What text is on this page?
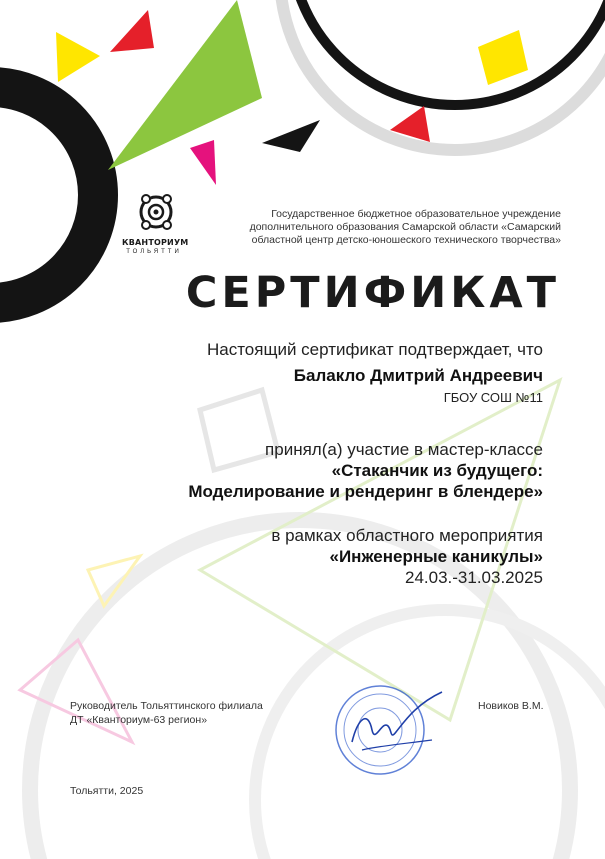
КВАНТОРИУМ
ТОЛЬЯТТИ
Государственное бюджетное образовательное учреждение
дополнительного образования Самарской области «Самарский
областной центр детско-юношеского технического творчества»
СЕРТИФИКАТ
Настоящий сертификат подтверждает, что
Балакло Дмитрий Андреевич
ГБОУ СОШ №11
принял(а) участие в мастер-классе
«Стаканчик из будущего:
Моделирование и рендеринг в блендере»
в рамках областного мероприятия
«Инженерные каникулы»
24.03.-31.03.2025
Руководитель Тольяттинского филиала
ДТ «Кванториум-63 регион»
Новиков В.М.
Тольятти, 2025
